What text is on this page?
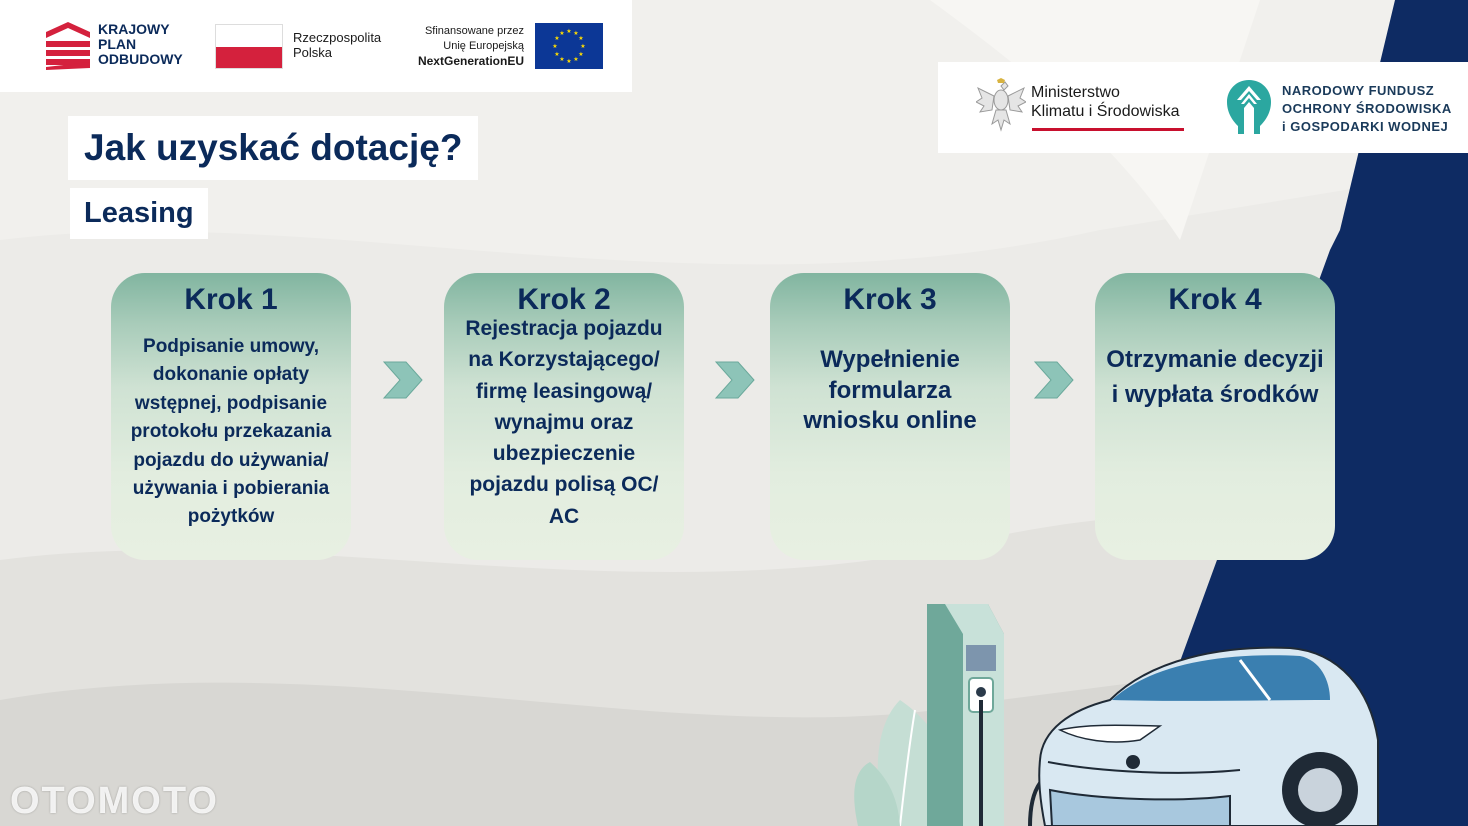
KRAJOWY
PLAN
ODBUDOWY
Rzeczpospolita
Polska
Sfinansowane przez
Unię Europejską
NextGenerationEU
★ ★
★
★
★
★
★
★
★
★
★
★
Ministerstwo
Klimatu i Środowiska
NARODOWY FUNDUSZ
OCHRONY ŚRODOWISKA
i GOSPODARKI WODNEJ
Jak uzyskać dotację?
Leasing
Krok 1
Podpisanie umowy, dokonanie opłaty wstępnej, podpisanie protokołu przekazania pojazdu do używania/ używania i pobierania pożytków
Krok 2
Rejestracja pojazdu na Korzystającego/ firmę leasingową/ wynajmu oraz ubezpieczenie pojazdu polisą OC/ AC
Krok 3
Wypełnienie formularza wniosku online
Krok 4
Otrzymanie decyzji i wypłata środków
OTOMOTO
